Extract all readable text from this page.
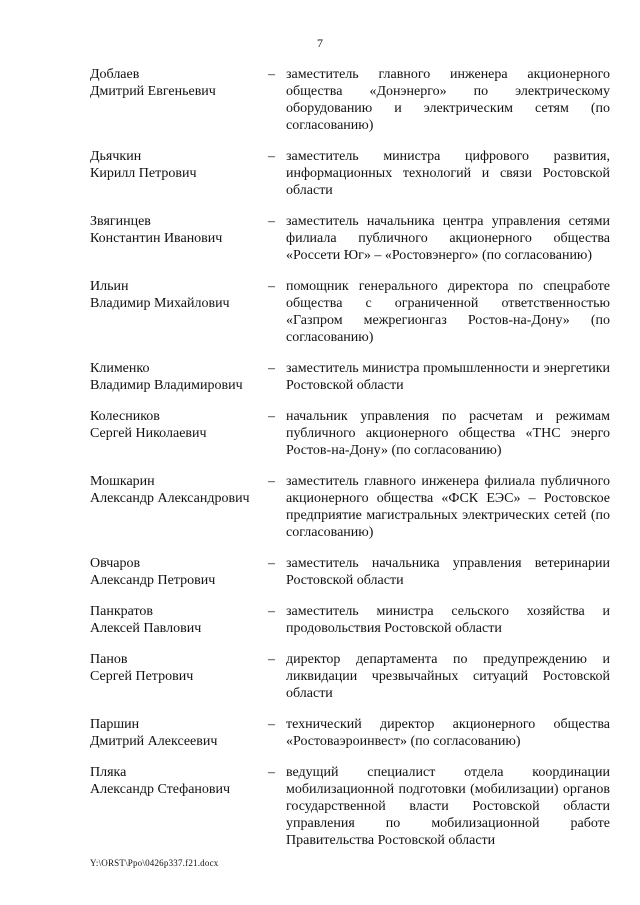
7
Доблаев
Дмитрий Евгеньевич
– заместитель главного инженера акционерного общества «Донэнерго» по электрическому оборудованию и электрическим сетям (по согласованию)
Дьячкин
Кирилл Петрович
– заместитель министра цифрового развития, информационных технологий и связи Ростовской области
Звягинцев
Константин Иванович
– заместитель начальника центра управления сетями филиала публичного акционерного общества «Россети Юг» – «Ростовэнерго» (по согласованию)
Ильин
Владимир Михайлович
– помощник генерального директора по спецработе общества с ограниченной ответственностью «Газпром межрегионгаз Ростов-на-Дону» (по согласованию)
Клименко
Владимир Владимирович
– заместитель министра промышленности и энергетики Ростовской области
Колесников
Сергей Николаевич
– начальник управления по расчетам и режимам публичного акционерного общества «ТНС энерго Ростов-на-Дону» (по согласованию)
Мошкарин
Александр Александрович
– заместитель главного инженера филиала публичного акционерного общества «ФСК ЕЭС» – Ростовское предприятие магистральных электрических сетей (по согласованию)
Овчаров
Александр Петрович
– заместитель начальника управления ветеринарии Ростовской области
Панкратов
Алексей Павлович
– заместитель министра сельского хозяйства и продовольствия Ростовской области
Панов
Сергей Петрович
– директор департамента по предупреждению и ликвидации чрезвычайных ситуаций Ростовской области
Паршин
Дмитрий Алексеевич
– технический директор акционерного общества «Ростоваэроинвест» (по согласованию)
Пляка
Александр Стефанович
– ведущий специалист отдела координации мобилизационной подготовки (мобилизации) органов государственной власти Ростовской области управления по мобилизационной работе Правительства Ростовской области
Y:\ORST\Ppo\0426p337.f21.docx
